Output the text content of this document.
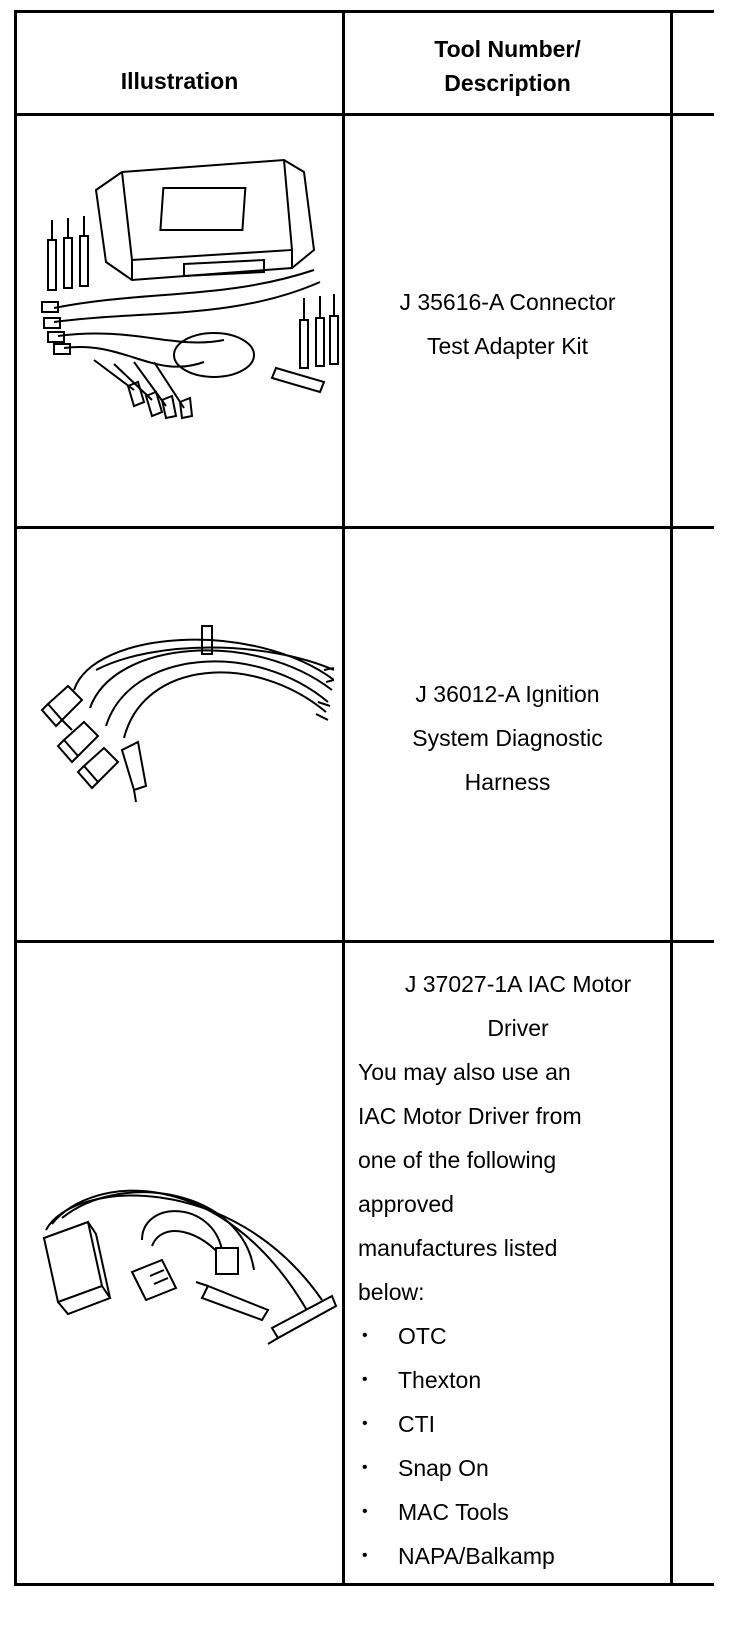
Illustration
Tool Number/
Description
J 35616-A Connector
Test Adapter Kit
J 36012-A Ignition
System Diagnostic
Harness
J 37027-1A IAC Motor
Driver
You may also use an
IAC Motor Driver from
one of the following
approved
manufactures listed
below:
• OTC
• Thexton
• CTI
• Snap On
• MAC Tools
• NAPA/Balkamp
